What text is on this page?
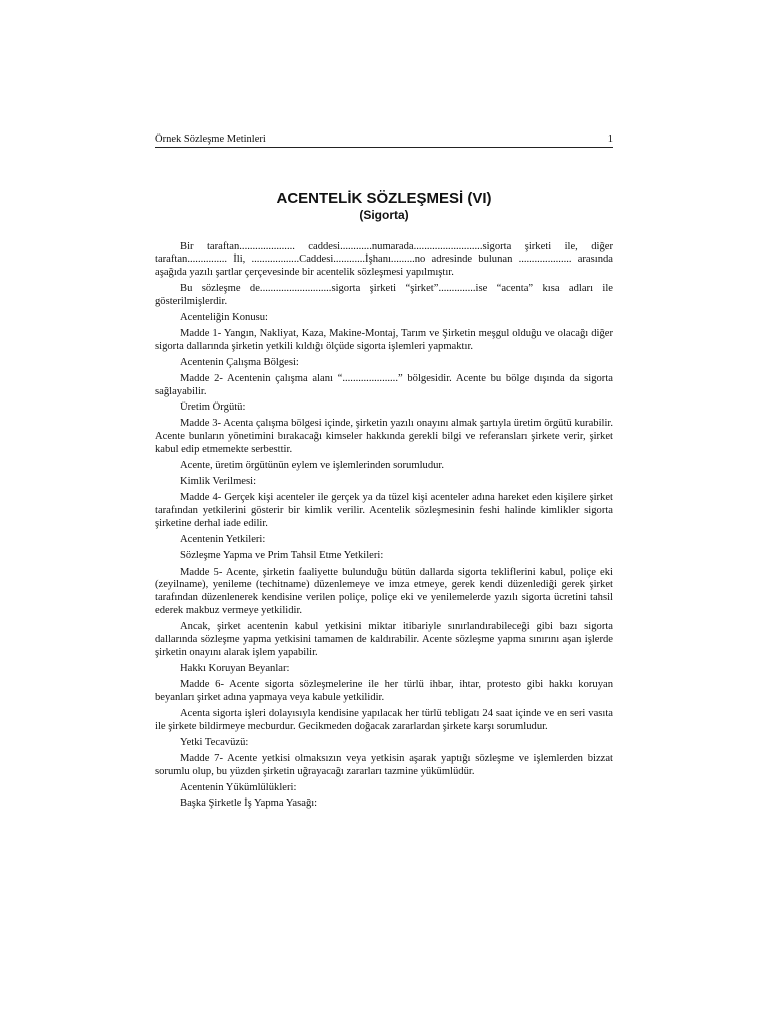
Örnek Sözleşme Metinleri	1
ACENTELİK SÖZLEŞMESİ (VI)
(Sigorta)

Bir taraftan..................... caddesi............numarada..........................sigorta şirketi ile, diğer taraftan............... İli, ..................Caddesi............İşhanı.........no adresinde bulunan .................... arasında aşağıda yazılı şartlar çerçevesinde bir acentelik sözleşmesi yapılmıştır.

Bu sözleşme de...........................sigorta şirketi “şirket”..............ise “acenta” kısa adları ile gösterilmişlerdir.

Acenteliğin Konusu:

Madde 1- Yangın, Nakliyat, Kaza, Makine-Montaj, Tarım ve Şirketin meşgul olduğu ve olacağı diğer sigorta dallarında şirketin yetkili kıldığı ölçüde sigorta işlemleri yapmaktır.

Acentenin Çalışma Bölgesi:

Madde 2- Acentenin çalışma alanı “.....................” bölgesidir. Acente bu bölge dışında da sigorta sağlayabilir.

Üretim Örgütü:

Madde 3- Acenta çalışma bölgesi içinde, şirketin yazılı onayını almak şartıyla üretim örgütü kurabilir. Acente bunların yönetimini bırakacağı kimseler hakkında gerekli bilgi ve referansları şirkete verir, şirket kabul edip etmemekte serbesttir.

Acente, üretim örgütünün eylem ve işlemlerinden sorumludur.

Kimlik Verilmesi:

Madde 4- Gerçek kişi acenteler ile gerçek ya da tüzel kişi acenteler adına hareket eden kişilere şirket tarafından yetkilerini gösterir bir kimlik verilir. Acentelik sözleşmesinin feshi halinde kimlikler sigorta şirketine derhal iade edilir.

Acentenin Yetkileri:

Sözleşme Yapma ve Prim Tahsil Etme Yetkileri:

Madde 5- Acente, şirketin faaliyette bulunduğu bütün dallarda sigorta tekliflerini kabul, poliçe eki (zeyilname), yenileme (techitname) düzenlemeye ve imza etmeye, gerek kendi düzenlediği gerek şirket tarafından düzenlenerek kendisine verilen poliçe, poliçe eki ve yenilemelerde yazılı sigorta ücretini tahsil ederek makbuz vermeye yetkilidir.

Ancak, şirket acentenin kabul yetkisini miktar itibariyle sınırlandırabileceği gibi bazı sigorta dallarında sözleşme yapma yetkisini tamamen de kaldırabilir. Acente sözleşme yapma sınırını aşan işlerde şirketin onayını alarak işlem yapabilir.

Hakkı Koruyan Beyanlar:

Madde 6- Acente sigorta sözleşmelerine ile her türlü ihbar, ihtar, protesto gibi hakkı koruyan beyanları şirket adına yapmaya veya kabule yetkilidir.

Acenta sigorta işleri dolayısıyla kendisine yapılacak her türlü tebligatı 24 saat içinde ve en seri vasıta ile şirkete bildirmeye mecburdur. Gecikmeden doğacak zararlardan şirkete karşı sorumludur.

Yetki Tecavüzü:

Madde 7- Acente yetkisi olmaksızın veya yetkisin aşarak yaptığı sözleşme ve işlemlerden bizzat sorumlu olup, bu yüzden şirketin uğrayacağı zararları tazmine yükümlüdür.

Acentenin Yükümlülükleri:

Başka Şirketle İş Yapma Yasağı:
